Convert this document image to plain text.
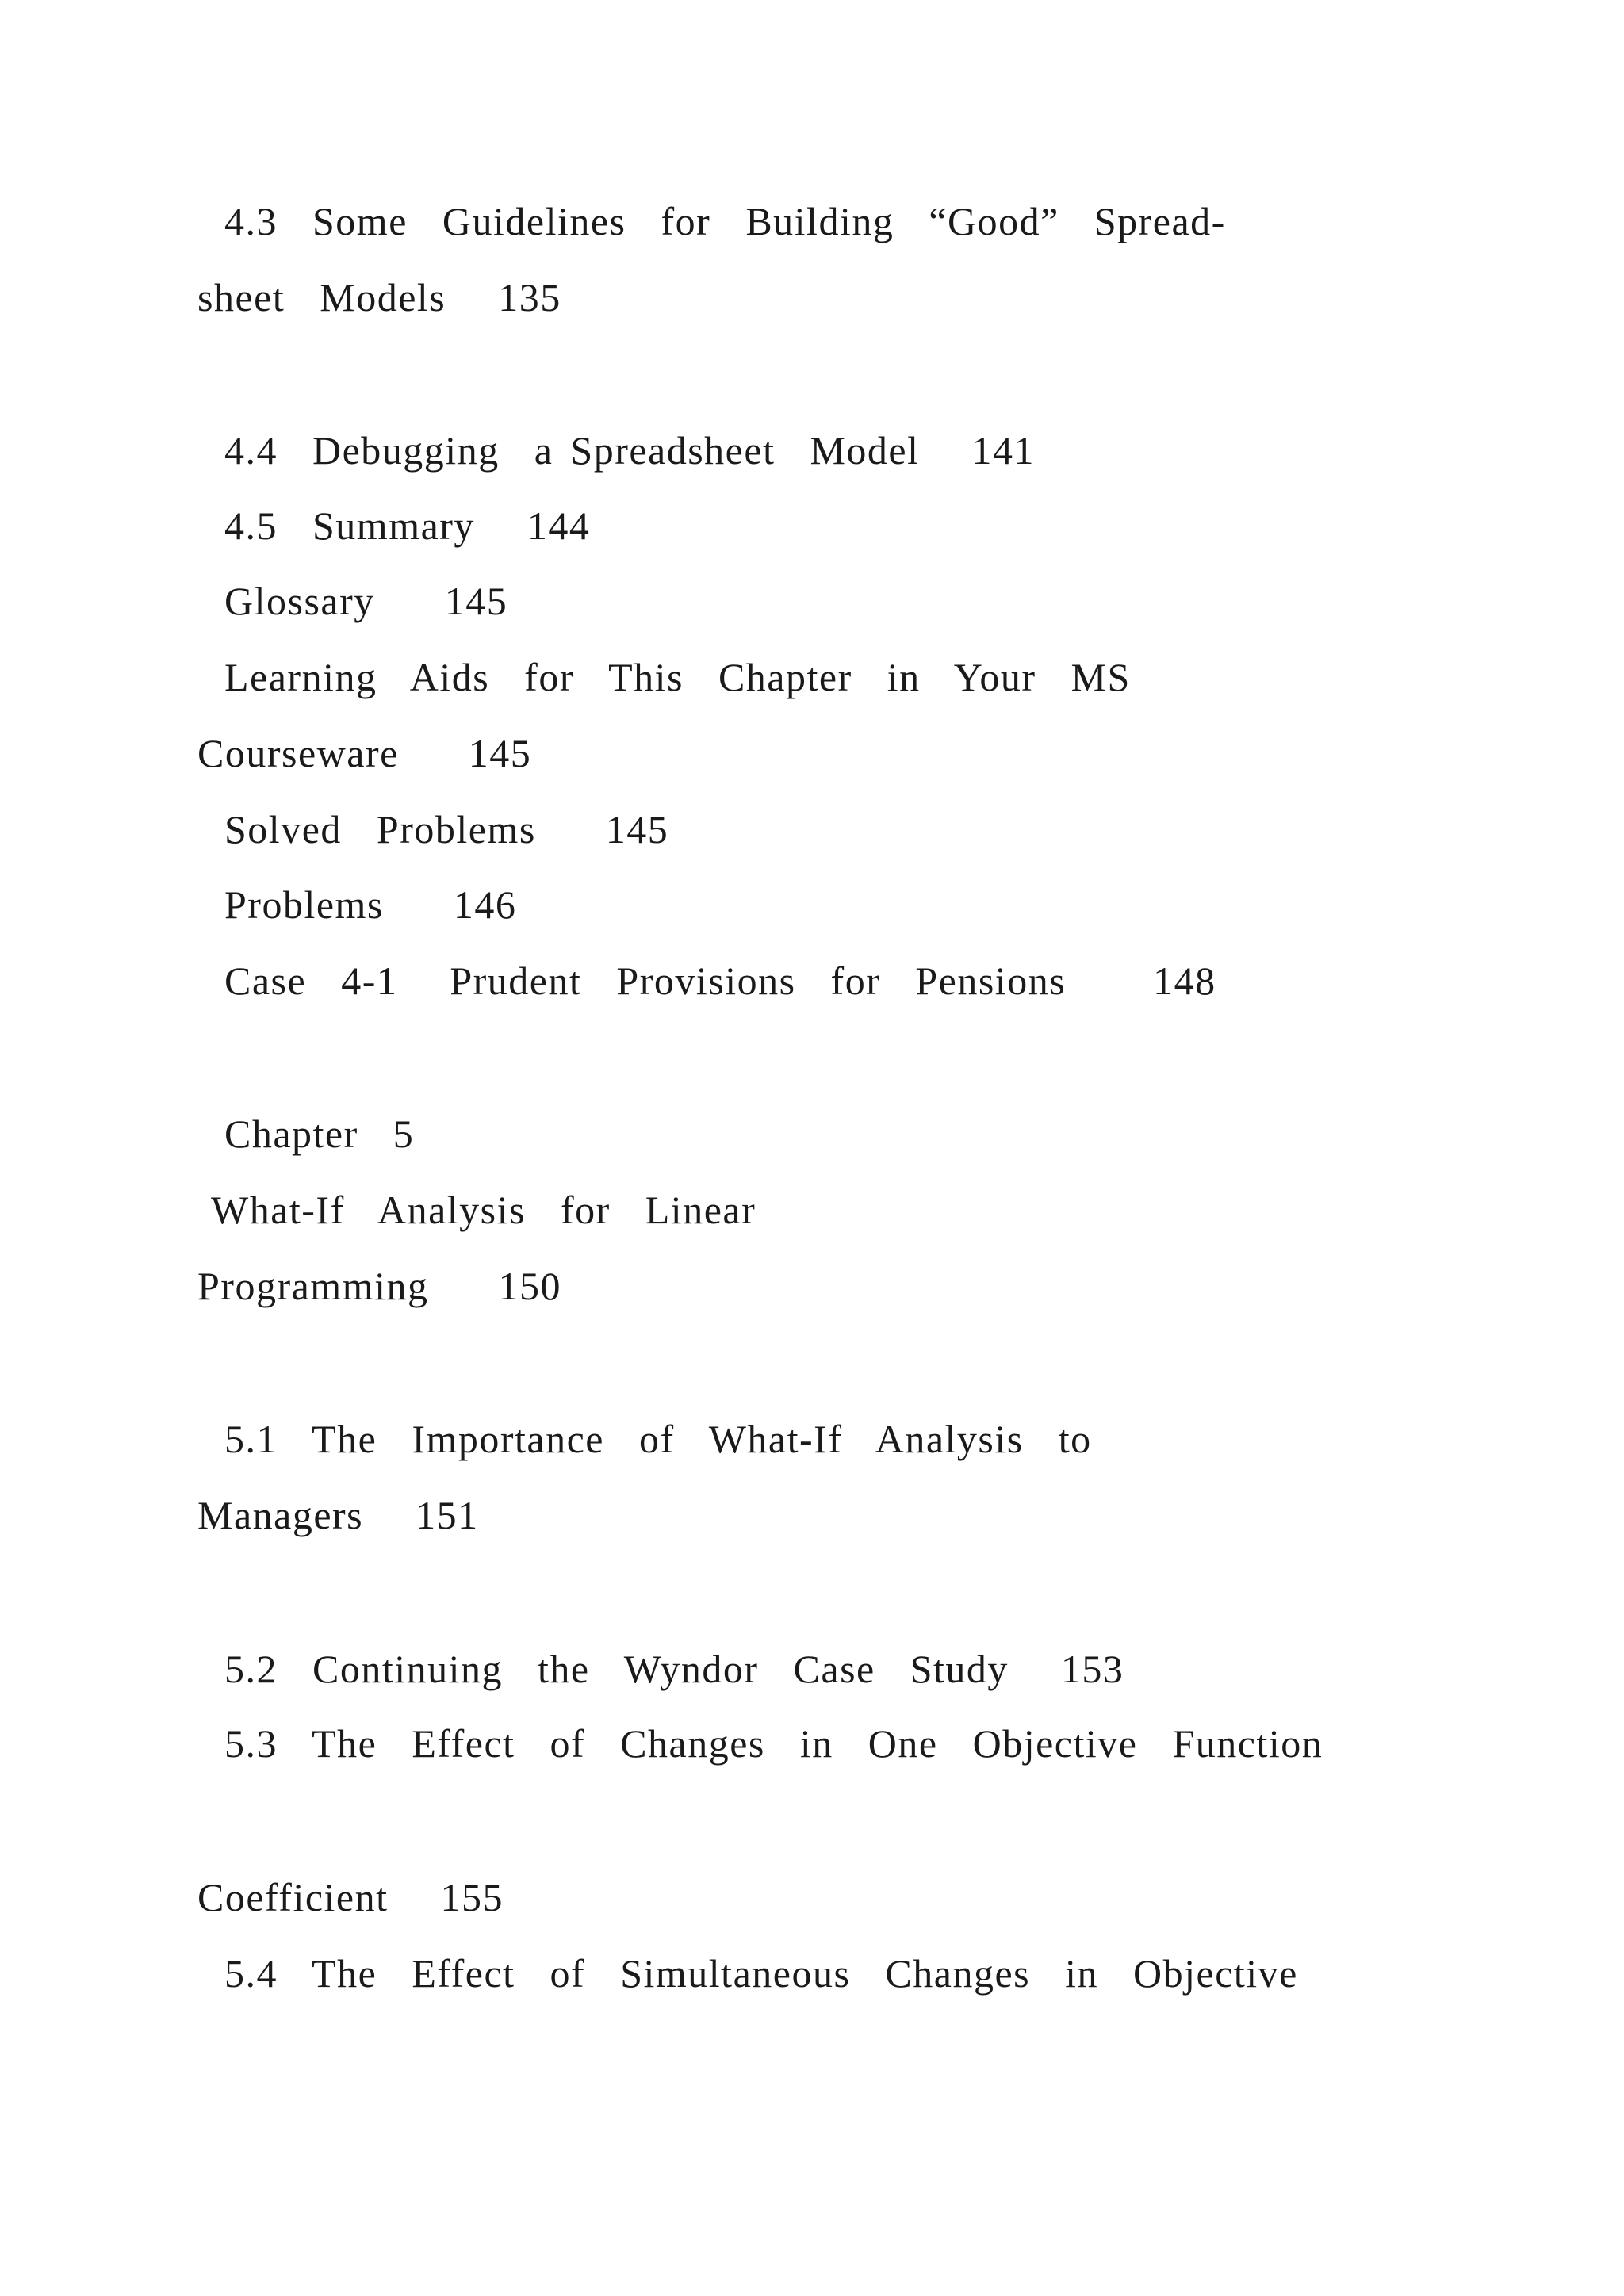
4.3  Some  Guidelines  for  Building  “Good”  Spread-
sheet  Models   135
4.4  Debugging  a Spreadsheet  Model   141
4.5  Summary   144
Glossary    145
Learning  Aids  for  This  Chapter  in  Your  MS
Courseware    145
Solved  Problems    145
Problems    146
Case  4-1   Prudent  Provisions  for  Pensions     148
Chapter  5
What-If  Analysis  for  Linear
Programming    150
5.1  The  Importance  of  What-If  Analysis  to
Managers   151
5.2  Continuing  the  Wyndor  Case  Study   153
5.3  The  Effect  of  Changes  in  One  Objective  Function
Coefficient   155
5.4  The  Effect  of  Simultaneous  Changes  in  Objective
